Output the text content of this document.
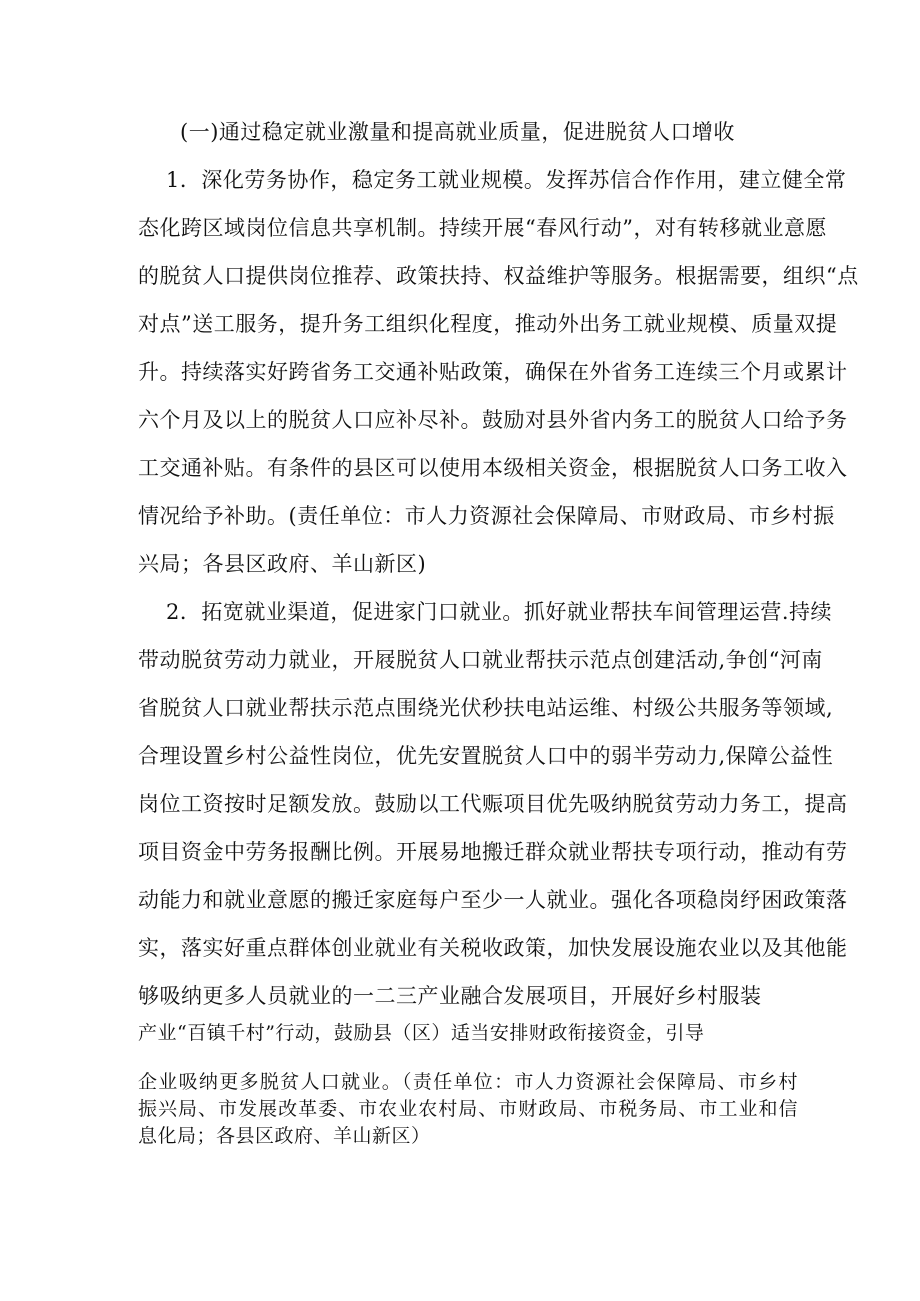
(一)通过稳定就业激量和提高就业质量，促进脱贫人口增收
1．深化劳务协作，稳定务工就业规模。发挥苏信合作作用，建立健全常
态化跨区域岗位信息共享机制。持续开展“春风行动”，对有转移就业意愿
的脱贫人口提供岗位推荐、政策扶持、权益维护等服务。根据需要，组织“点
对点”送工服务，提升务工组织化程度，推动外出务工就业规模、质量双提
升。持续落实好跨省务工交通补贴政策，确保在外省务工连续三个月或累计
六个月及以上的脱贫人口应补尽补。鼓励对县外省内务工的脱贫人口给予务
工交通补贴。有条件的县区可以使用本级相关资金，根据脱贫人口务工收入
情况给予补助。(责任单位：市人力资源社会保障局、市财政局、市乡村振
兴局；各县区政府、羊山新区)
2．拓宽就业渠道，促进家门口就业。抓好就业帮扶车间管理运营.持续
带动脱贫劳动力就业，开屐脱贫人口就业帮扶示范点创建活动,争创“河南
省脱贫人口就业帮扶示范点围绕光伏秒扶电站运维、村级公共服务等领域,
合理设置乡村公益性岗位，优先安置脱贫人口中的弱半劳动力,保障公益性
岗位工资按时足额发放。鼓励以工代赈项目优先吸纳脱贫劳动力务工，提高
项目资金中劳务报酬比例。开展易地搬迁群众就业帮扶专项行动，推动有劳
动能力和就业意愿的搬迁家庭每户至少一人就业。强化各项稳岗纾困政策落
实，落实好重点群体创业就业有关税收政策，加快发展设施农业以及其他能
够吸纳更多人员就业的一二三产业融合发展项目，开展好乡村服装
产业“百镇千村”行动，鼓励县（区）适当安排财政衔接资金，引导
企业吸纳更多脱贫人口就业。（责任单位：市人力资源社会保障局、市乡村
振兴局、市发展改革委、市农业农村局、市财政局、市税务局、市工业和信
息化局；各县区政府、羊山新区）
